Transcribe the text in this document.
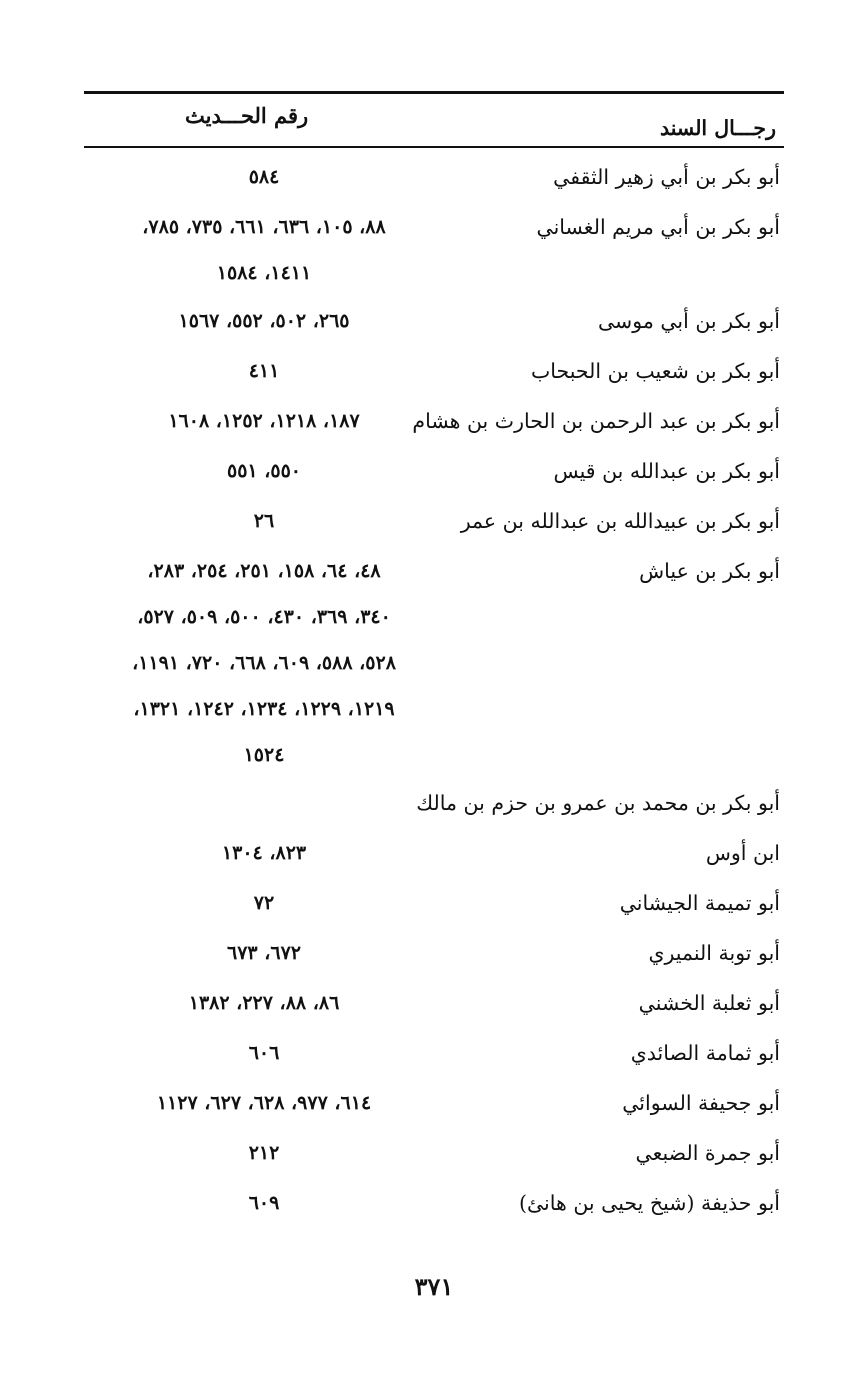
رجـــال السند
رقم الحـــديث
أبو بكر بن أبي زهير الثقفي
٥٨٤
أبو بكر بن أبي مريم الغساني
٨٨، ١٠٥، ٦٣٦، ٦٦١، ٧٣٥، ٧٨٥،
١٤١١، ١٥٨٤
أبو بكر بن أبي موسى
٢٦٥، ٥٠٢، ٥٥٢، ١٥٦٧
أبو بكر بن شعيب بن الحبحاب
٤١١
أبو بكر بن عبد الرحمن بن الحارث بن هشام
١٨٧، ١٢١٨، ١٢٥٢، ١٦٠٨
أبو بكر بن عبدالله بن قيس
٥٥٠، ٥٥١
أبو بكر بن عبيدالله بن عبدالله بن عمر
٢٦
أبو بكر بن عياش
٤٨، ٦٤، ١٥٨، ٢٥١، ٢٥٤، ٢٨٣،
٣٤٠، ٣٦٩، ٤٣٠، ٥٠٠، ٥٠٩، ٥٢٧،
٥٢٨، ٥٨٨، ٦٠٩، ٦٦٨، ٧٢٠، ١١٩١،
١٢١٩، ١٢٢٩، ١٢٣٤، ١٢٤٢، ١٣٢١،
١٥٢٤
أبو بكر بن محمد بن عمرو بن حزم بن مالك
ابن أوس
٨٢٣، ١٣٠٤
أبو تميمة الجيشاني
٧٢
أبو توبة النميري
٦٧٢، ٦٧٣
أبو ثعلبة الخشني
٨٦، ٨٨، ٢٢٧، ١٣٨٢
أبو ثمامة الصائدي
٦٠٦
أبو جحيفة السوائي
٦١٤، ٩٧٧، ٦٢٨، ٦٢٧، ١١٢٧
أبو جمرة الضبعي
٢١٢
أبو حذيفة (شيخ يحيى بن هانئ)
٦٠٩
٣٧١
